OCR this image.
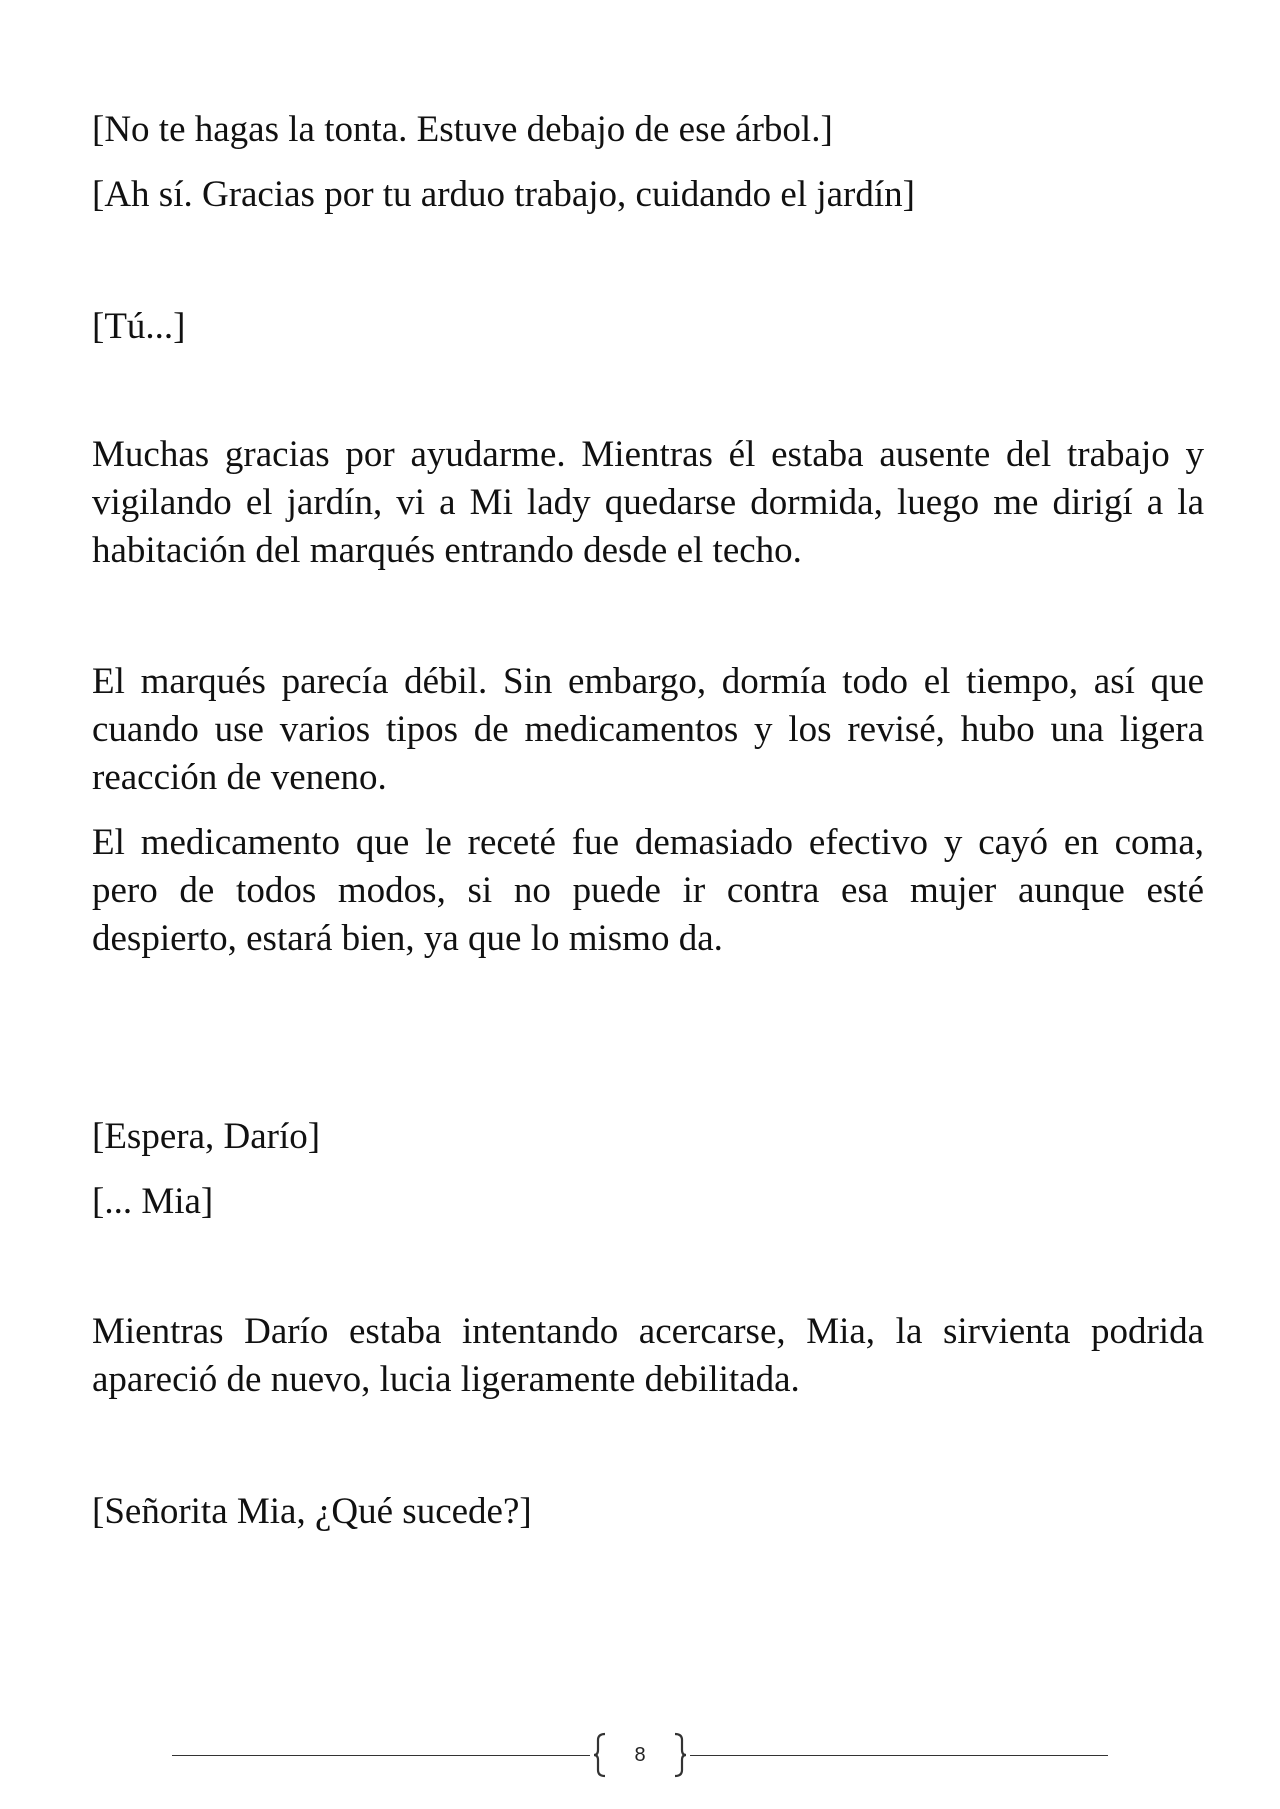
[No te hagas la tonta. Estuve debajo de ese árbol.]

[Ah sí. Gracias por tu arduo trabajo, cuidando el jardín]

[Tú...]

Muchas gracias por ayudarme. Mientras él estaba ausente del trabajo y vigilando el jardín, vi a Mi lady quedarse dormida, luego me dirigí a la habitación del marqués entrando desde el techo.

El marqués parecía débil. Sin embargo, dormía todo el tiempo, así que cuando use varios tipos de medicamentos y los revisé, hubo una ligera reacción de veneno.

El medicamento que le receté fue demasiado efectivo y cayó en coma, pero de todos modos, si no puede ir contra esa mujer aunque esté despierto, estará bien, ya que lo mismo da.

[Espera, Darío]

[... Mia]

Mientras Darío estaba intentando acercarse, Mia, la sirvienta podrida apareció de nuevo, lucia ligeramente debilitada.

[Señorita Mia, ¿Qué sucede?]

8
